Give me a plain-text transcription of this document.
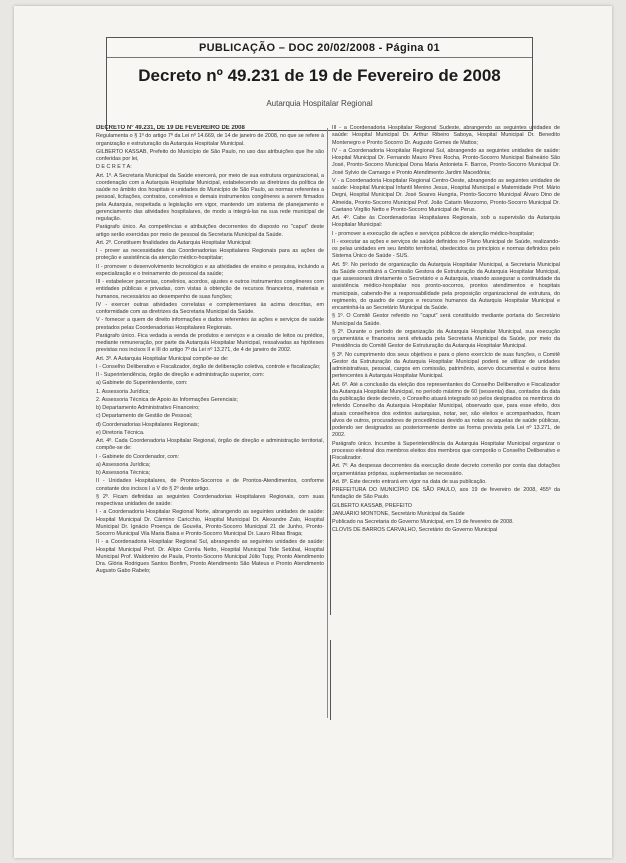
PUBLICAÇÃO – DOC 20/02/2008 - Página 01
Decreto nº 49.231 de 19 de Fevereiro de 2008
Autarquia Hospitalar Regional

DECRETO Nº 49.231, DE 19 DE FEVEREIRO DE 2008

Regulamenta o § 1º do artigo 7º da Lei nº 14.669, de 14 de janeiro de 2008, no que se refere à organização e estruturação da Autarquia Hospitalar Municipal.

GILBERTO KASSAB, Prefeito do Município de São Paulo, no uso das atribuições que lhe são conferidas por lei,

D E C R E T A:

Art. 1º. A Secretaria Municipal da Saúde exercerá, por meio de sua estrutura organizacional, a coordenação com a Autarquia Hospitalar Municipal, estabelecendo as diretrizes da política de saúde no âmbito dos hospitais e unidades do Município de São Paulo, as normas referentes a pessoal, licitações, contratos, convênios e demais instrumentos congêneres a serem firmados pela Autarquia, respeitada a legislação em vigor, mantendo um sistema de planejamento e gerenciamento das atividades hospitalares, de modo a integrá-las na sua rede municipal de regulação.

Parágrafo único. As competências e atribuições decorrentes do disposto no "caput" deste artigo serão exercidas por meio de pessoal da Secretaria Municipal da Saúde.

Art. 2º. Constituem finalidades da Autarquia Hospitalar Municipal:

I - prover as necessidades das Coordenadorias Hospitalares Regionais para as ações de proteção e assistência da atenção médico-hospitalar;

II - promover o desenvolvimento tecnológico e as atividades de ensino e pesquisa, incluindo a especialização e o treinamento do pessoal da saúde;

III - estabelecer parcerias, convênios, acordos, ajustes e outros instrumentos congêneres com entidades públicas e privadas, com vistas à obtenção de recursos financeiros, materiais e humanos, necessários ao desempenho de suas funções;

IV - exercer outras atividades correlatas e complementares às acima descritas, em conformidade com as diretrizes da Secretaria Municipal da Saúde.

V - fornecer a quem de direito informações e dados referentes às ações e serviços de saúde prestados pelas Coordenadorias Hospitalares Regionais.

Parágrafo único. Fica vedada a venda de produtos e serviços e a cessão de leitos ou prédios, mediante remuneração, por parte da Autarquia Hospitalar Municipal, ressalvadas as hipóteses previstas nos incisos II e III do artigo 7º da Lei nº 13.271, de 4 de janeiro de 2002.

Art. 3º. A Autarquia Hospitalar Municipal compõe-se de:

I - Conselho Deliberativo e Fiscalizador, órgão de deliberação coletiva, controle e fiscalização;

II - Superintendência, órgão de direção e administração superior, com:

a) Gabinete do Superintendente, com:

1. Assessoria Jurídica;

2. Assessoria Técnica de Apoio às Informações Gerenciais;

b) Departamento Administrativo Financeiro;

c) Departamento de Gestão de Pessoal;

d) Coordenadorias Hospitalares Regionais;

e) Diretoria Técnica.

Art. 4º. Cada Coordenadoria Hospitalar Regional, órgão de direção e administração territorial, compõe-se de:

I - Gabinete do Coordenador, com:

a) Assessoria Jurídica;

b) Assessoria Técnica;

II - Unidades Hospitalares, de Prontos-Socorros e de Prontos-Atendimentos, conforme constante dos incisos I a V do § 2º deste artigo.

§ 2º. Ficam definidas as seguintes Coordenadorias Hospitalares Regionais, com suas respectivas unidades de saúde:

I - a Coordenadoria Hospitalar Regional Norte, abrangendo as seguintes unidades de saúde: Hospital Municipal Dr. Cármino Caricchio, Hospital Municipal Dr. Alexandre Zaio, Hospital Municipal Dr. Ignácio Proença de Gouvêa, Pronto-Socorro Municipal 21 de Junho, Pronto-Socorro Municipal Vila Maria Baixa e Pronto-Socorro Municipal Dr. Lauro Ribas Braga;

II - a Coordenadoria Hospitalar Regional Sul, abrangendo as seguintes unidades de saúde: Hospital Municipal Prof. Dr. Alípio Corrêa Netto, Hospital Municipal Tide Setúbal, Hospital Municipal Prof. Waldomiro de Paula, Pronto-Socorro Municipal Júlio Tupy, Pronto Atendimento Dra. Glória Rodrigues Santos Bonfim, Pronto Atendimento São Mateus e Pronto Atendimento Augusto Gabo Rabelo;

III - a Coordenadoria Hospitalar Regional Sudeste, abrangendo as seguintes unidades de saúde: Hospital Municipal Dr. Arthur Ribeiro Saboya, Hospital Municipal Dr. Benedito Montenegro e Pronto Socorro Dr. Augusto Gomes de Mattos;

IV - a Coordenadoria Hospitalar Regional Sul, abrangendo as seguintes unidades de saúde: Hospital Municipal Dr. Fernando Mauro Pires Rocha, Pronto-Socorro Municipal Balneário São José, Pronto-Socorro Municipal Dona Maria Antonieta F. Barros, Pronto-Socorro Municipal Dr. José Sylvio de Camargo e Pronto Atendimento Jardim Macedônia;

V - a Coordenadoria Hospitalar Regional Centro-Oeste, abrangendo as seguintes unidades de saúde: Hospital Municipal Infantil Menino Jesus, Hospital Municipal e Maternidade Prof. Mário Degni, Hospital Municipal Dr. José Soares Hungria, Pronto-Socorro Municipal Álvaro Dino de Almeida, Pronto-Socorro Municipal Prof. João Catarin Mezzomo, Pronto-Socorro Municipal Dr. Caetano Virgílio Netto e Pronto-Socorro Municipal de Perus.

Art. 4º. Cabe às Coordenadorias Hospitalares Regionais, sob a supervisão da Autarquia Hospitalar Municipal:

I - promover a execução de ações e serviços públicos de atenção médico-hospitalar;

II - executar as ações e serviços de saúde definidos no Plano Municipal de Saúde, realizando-os pelas unidades em seu âmbito territorial, obedecidos os princípios e normas definidos pelo Sistema Único de Saúde - SUS.

Art. 5º. No período de organização da Autarquia Hospitalar Municipal, a Secretaria Municipal da Saúde constituirá a Comissão Gestora de Estruturação da Autarquia Hospitalar Municipal, que assessorará diretamente o Secretário e a Autarquia, visando assegurar a continuidade da assistência médico-hospitalar nos pronto-socorros, prontos atendimentos e hospitais municipais, cabendo-lhe a responsabilidade pela proposição organizacional de estrutura, do regimento, do quadro de cargos e recursos humanos da Autarquia Hospitalar Municipal e encaminhá-la ao Secretário Municipal da Saúde.

§ 1º. O Comitê Gestor referido no "caput" será constituído mediante portaria do Secretário Municipal da Saúde.

§ 2º. Durante o período de organização da Autarquia Hospitalar Municipal, sua execução orçamentária e financeira será efetuada pela Secretaria Municipal da Saúde, por meio da Presidência do Comitê Gestor de Estruturação da Autarquia Hospitalar Municipal.

§ 3º. No cumprimento dos seus objetivos e para o pleno exercício de suas funções, o Comitê Gestor da Estruturação da Autarquia Hospitalar Municipal poderá se utilizar de unidades administrativas, pessoal, cargos em comissão, patrimônio, acervo documental e outros itens pertencentes à Autarquia Hospitalar Municipal.

Art. 6º. Até a conclusão da eleição dos representantes do Conselho Deliberativo e Fiscalizador da Autarquia Hospitalar Municipal, no período máximo de 60 (sessenta) dias, contados da data da publicação deste decreto, o Conselho atuará integrado só pelos designados os membros do referido Conselho da Autarquia Hospitalar Municipal, observado que, para esse efeito, dos atuais conselheiros dos extintos autarquias, notar, ser, são eleitos e acompanhados, ficam alvos de outros, procuradores de procedências devido as notas ou aquelas de saúde públicas, podendo ser designados as posteriormente dentre as forma prevista pela Lei nº 13.271, de 2002.

Parágrafo único. Incumbe à Superintendência da Autarquia Hospitalar Municipal organizar o processo eleitoral dos membros eleitos dos membros que comporão o Conselho Deliberativo e Fiscalizador.

Art. 7º. As despesas decorrentes da execução deste decreto correrão por conta das dotações orçamentárias próprias, suplementadas se necessário.

Art. 8º. Este decreto entrará em vigor na data de sua publicação.

PREFEITURA DO MUNICÍPIO DE SÃO PAULO, aos 19 de fevereiro de 2008, 455º da fundação de São Paulo.

GILBERTO KASSAB, PREFEITO

JANUÁRIO MONTONE, Secretário Municipal da Saúde

Publicado na Secretaria do Governo Municipal, em 19 de fevereiro de 2008.

CLOVIS DE BARROS CARVALHO, Secretário do Governo Municipal
